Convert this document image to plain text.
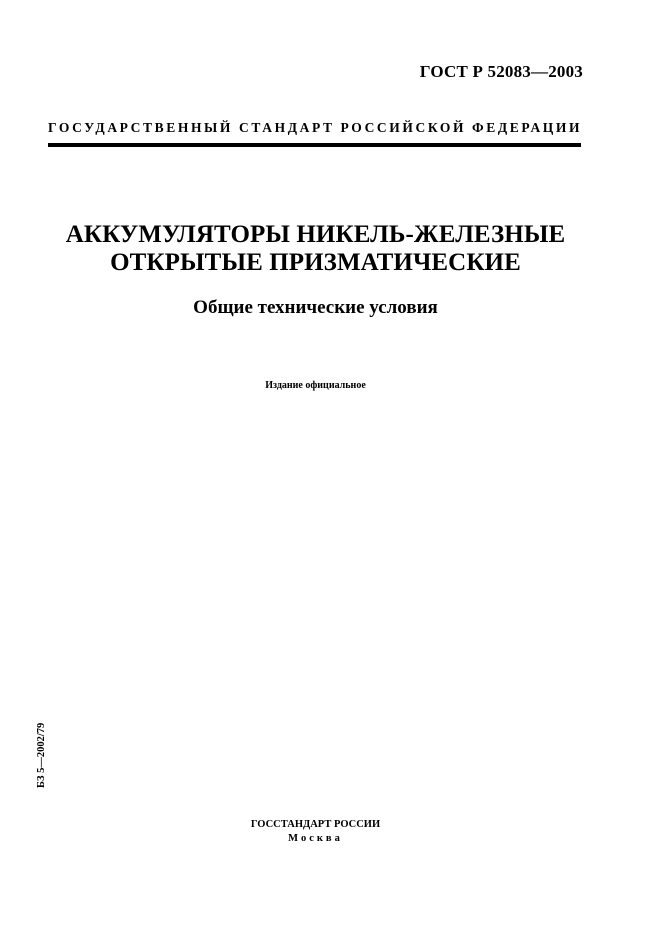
ГОСТ Р 52083—2003
ГОСУДАРСТВЕННЫЙ СТАНДАРТ РОССИЙСКОЙ ФЕДЕРАЦИИ
АККУМУЛЯТОРЫ НИКЕЛЬ-ЖЕЛЕЗНЫЕ
ОТКРЫТЫЕ ПРИЗМАТИЧЕСКИЕ
Общие технические условия
Издание официальное
БЗ 5—2002/79
ГОССТАНДАРТ РОССИИ
Москва
